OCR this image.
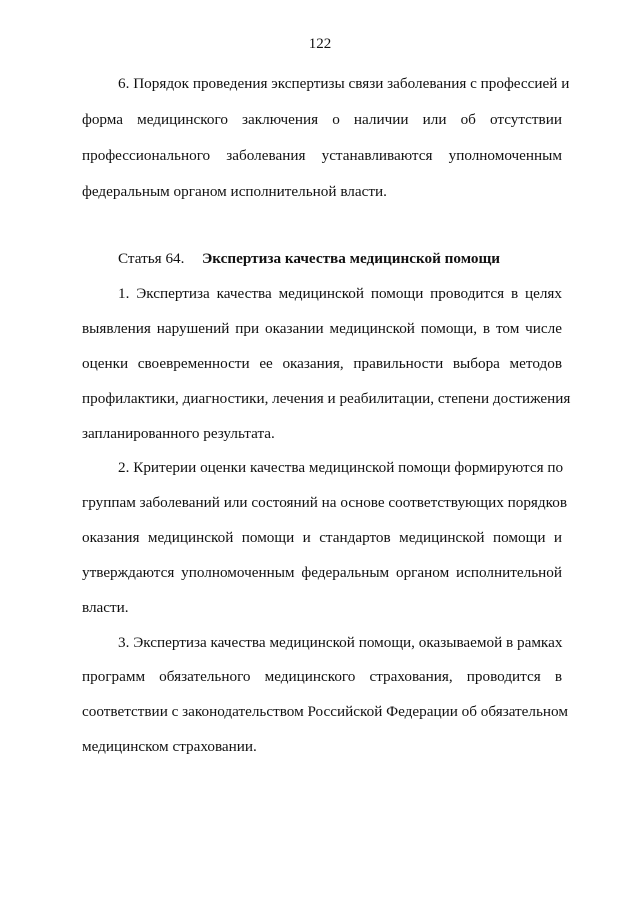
122
6. Порядок проведения экспертизы связи заболевания с профессией и
форма медицинского заключения о наличии или об отсутствии
профессионального заболевания устанавливаются уполномоченным
федеральным органом исполнительной власти.
Статья 64. Экспертиза качества медицинской помощи
1. Экспертиза качества медицинской помощи проводится в целях
выявления нарушений при оказании медицинской помощи, в том числе
оценки своевременности ее оказания, правильности выбора методов
профилактики, диагностики, лечения и реабилитации, степени достижения
запланированного результата.
2. Критерии оценки качества медицинской помощи формируются по
группам заболеваний или состояний на основе соответствующих порядков
оказания медицинской помощи и стандартов медицинской помощи и
утверждаются уполномоченным федеральным органом исполнительной
власти.
3. Экспертиза качества медицинской помощи, оказываемой в рамках
программ обязательного медицинского страхования, проводится в
соответствии с законодательством Российской Федерации об обязательном
медицинском страховании.
